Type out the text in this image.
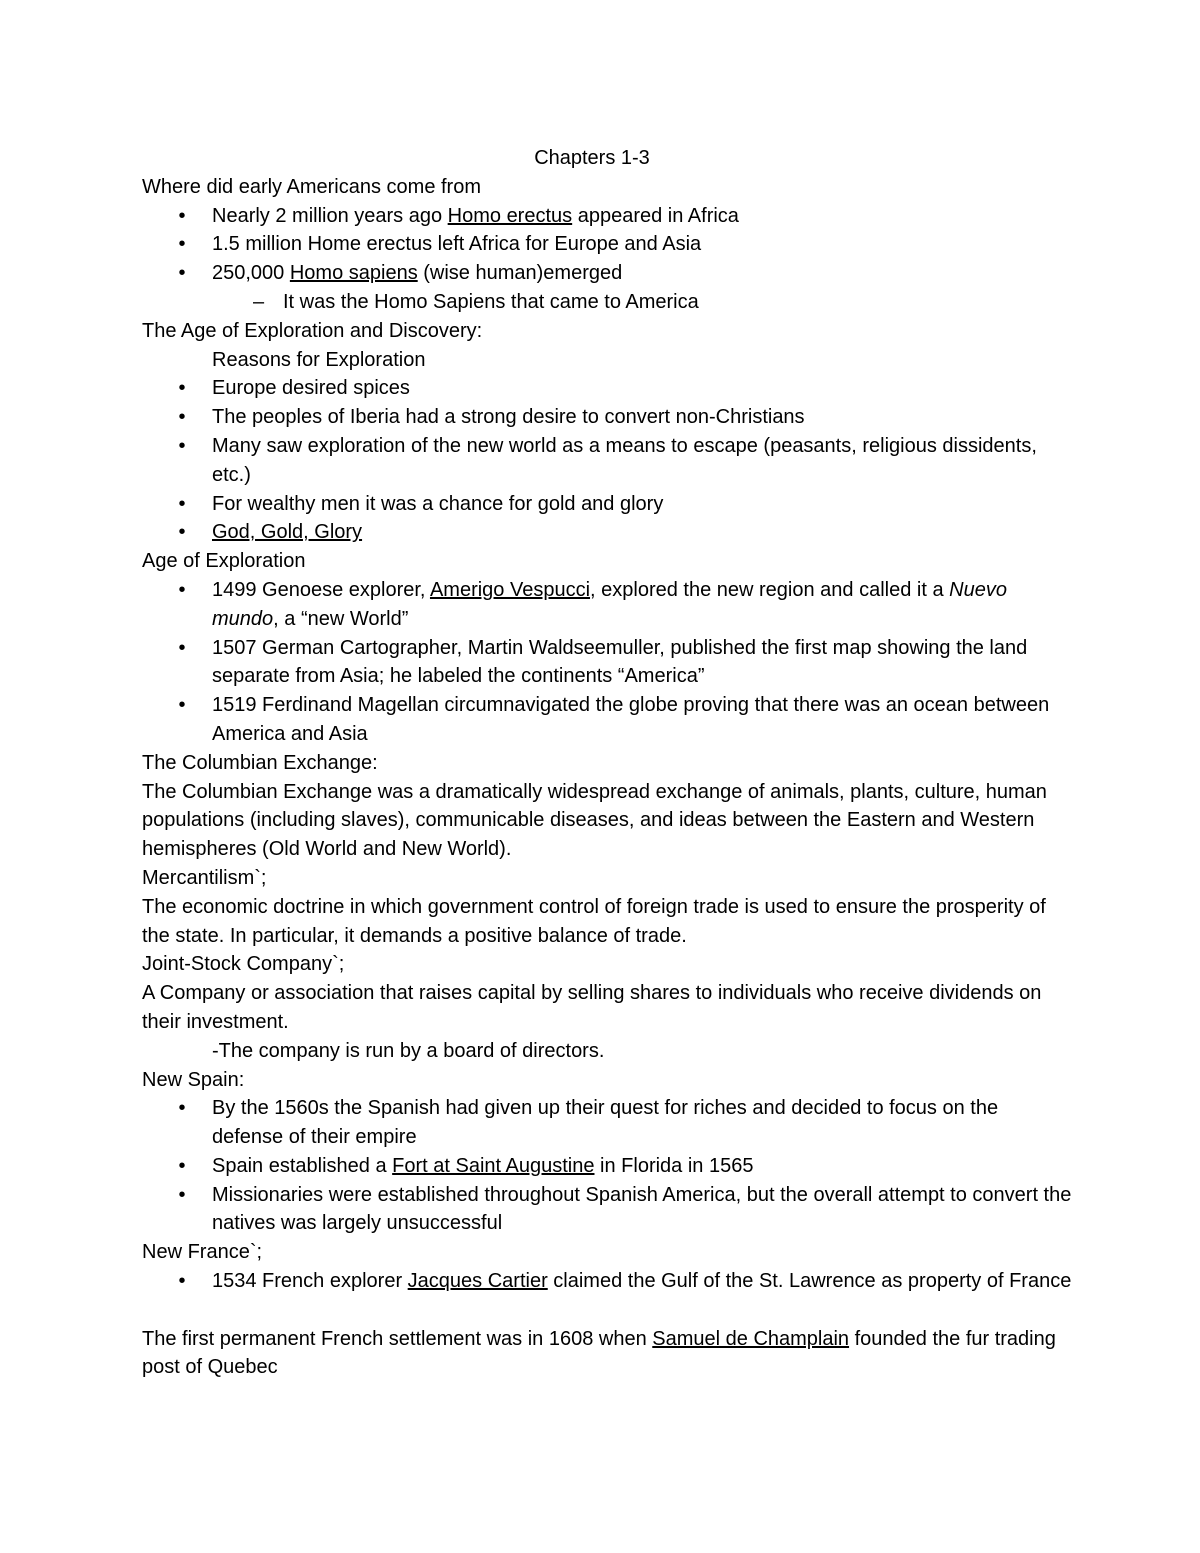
Chapters 1-3
Where did early Americans come from
• Nearly 2 million years ago Homo erectus appeared in Africa
• 1.5 million Home erectus left Africa for Europe and Asia
• 250,000 Homo sapiens (wise human)emerged
– It was the Homo Sapiens that came to America
The Age of Exploration and Discovery:
Reasons for Exploration
• Europe desired spices
• The peoples of Iberia had a strong desire to convert non-Christians
• Many saw exploration of the new world as a means to escape (peasants, religious dissidents, etc.)
• For wealthy men it was a chance for gold and glory
• God, Gold, Glory
Age of Exploration
• 1499 Genoese explorer, Amerigo Vespucci, explored the new region and called it a Nuevo mundo, a “new World”
• 1507 German Cartographer, Martin Waldseemuller, published the first map showing the land separate from Asia; he labeled the continents “America”
• 1519 Ferdinand Magellan circumnavigated the globe proving that there was an ocean between America and Asia
The Columbian Exchange:
The Columbian Exchange was a dramatically widespread exchange of animals, plants, culture, human populations (including slaves), communicable diseases, and ideas between the Eastern and Western hemispheres (Old World and New World).
Mercantilism`;
The economic doctrine in which government control of foreign trade is used to ensure the prosperity of the state. In particular, it demands a positive balance of trade.
Joint-Stock Company`;
A Company or association that raises capital by selling shares to individuals who receive dividends on their investment.
-The company is run by a board of directors.
New Spain:
• By the 1560s the Spanish had given up their quest for riches and decided to focus on the defense of their empire
• Spain established a Fort at Saint Augustine in Florida in 1565
• Missionaries were established throughout Spanish America, but the overall attempt to convert the natives was largely unsuccessful
New France`;
• 1534 French explorer Jacques Cartier claimed the Gulf of the St. Lawrence as property of France
The first permanent French settlement was in 1608 when Samuel de Champlain founded the fur trading post of Quebec
